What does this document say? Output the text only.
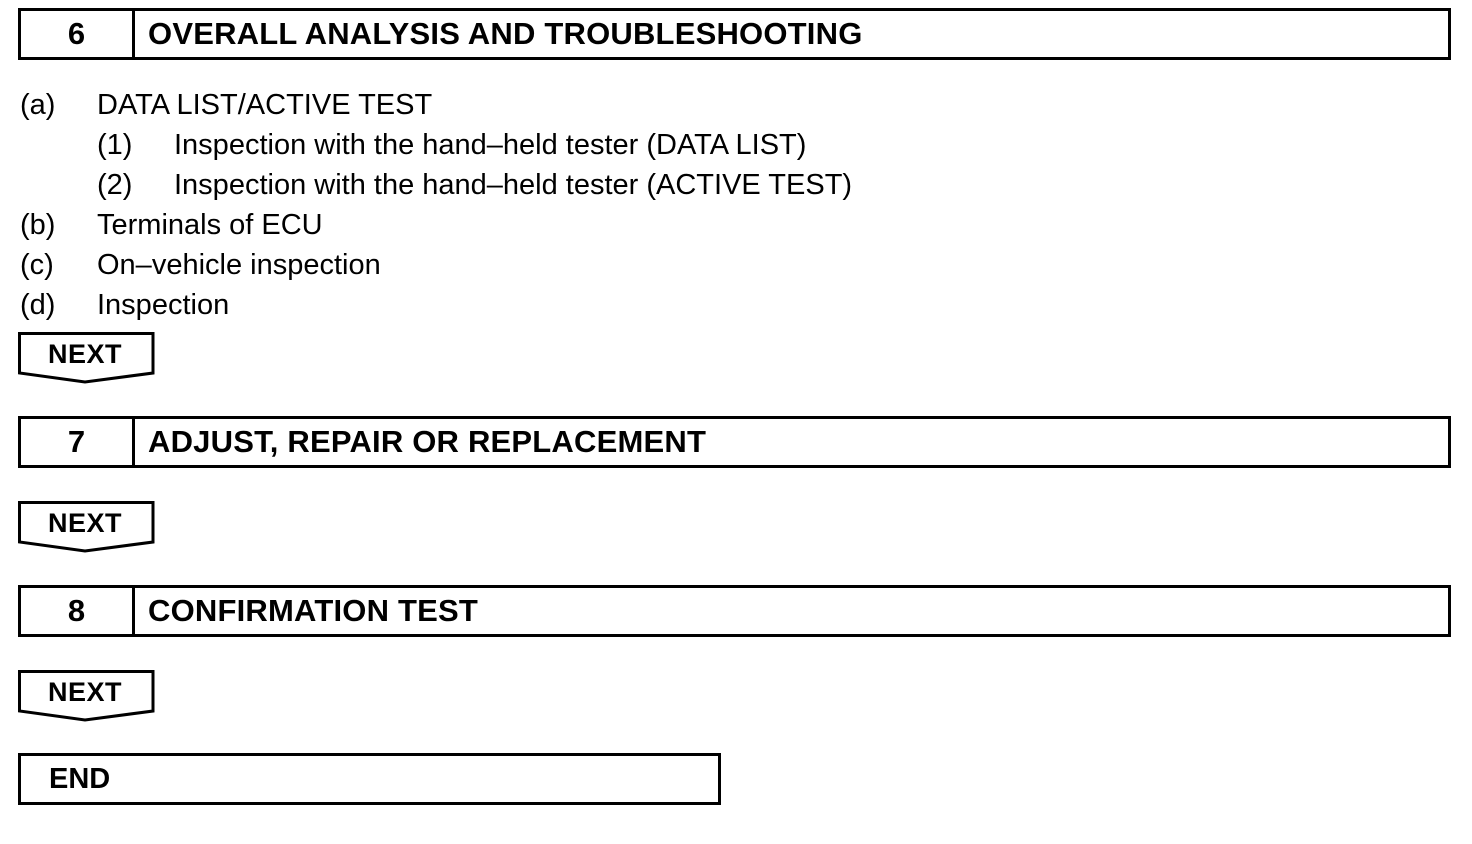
6	OVERALL ANALYSIS AND TROUBLESHOOTING
(a) DATA LIST/ACTIVE TEST
(1) Inspection with the hand–held tester (DATA LIST)
(2) Inspection with the hand–held tester (ACTIVE TEST)
(b) Terminals of ECU
(c) On–vehicle inspection
(d) Inspection
NEXT
7	ADJUST, REPAIR OR REPLACEMENT
NEXT
8	CONFIRMATION TEST
NEXT
END
